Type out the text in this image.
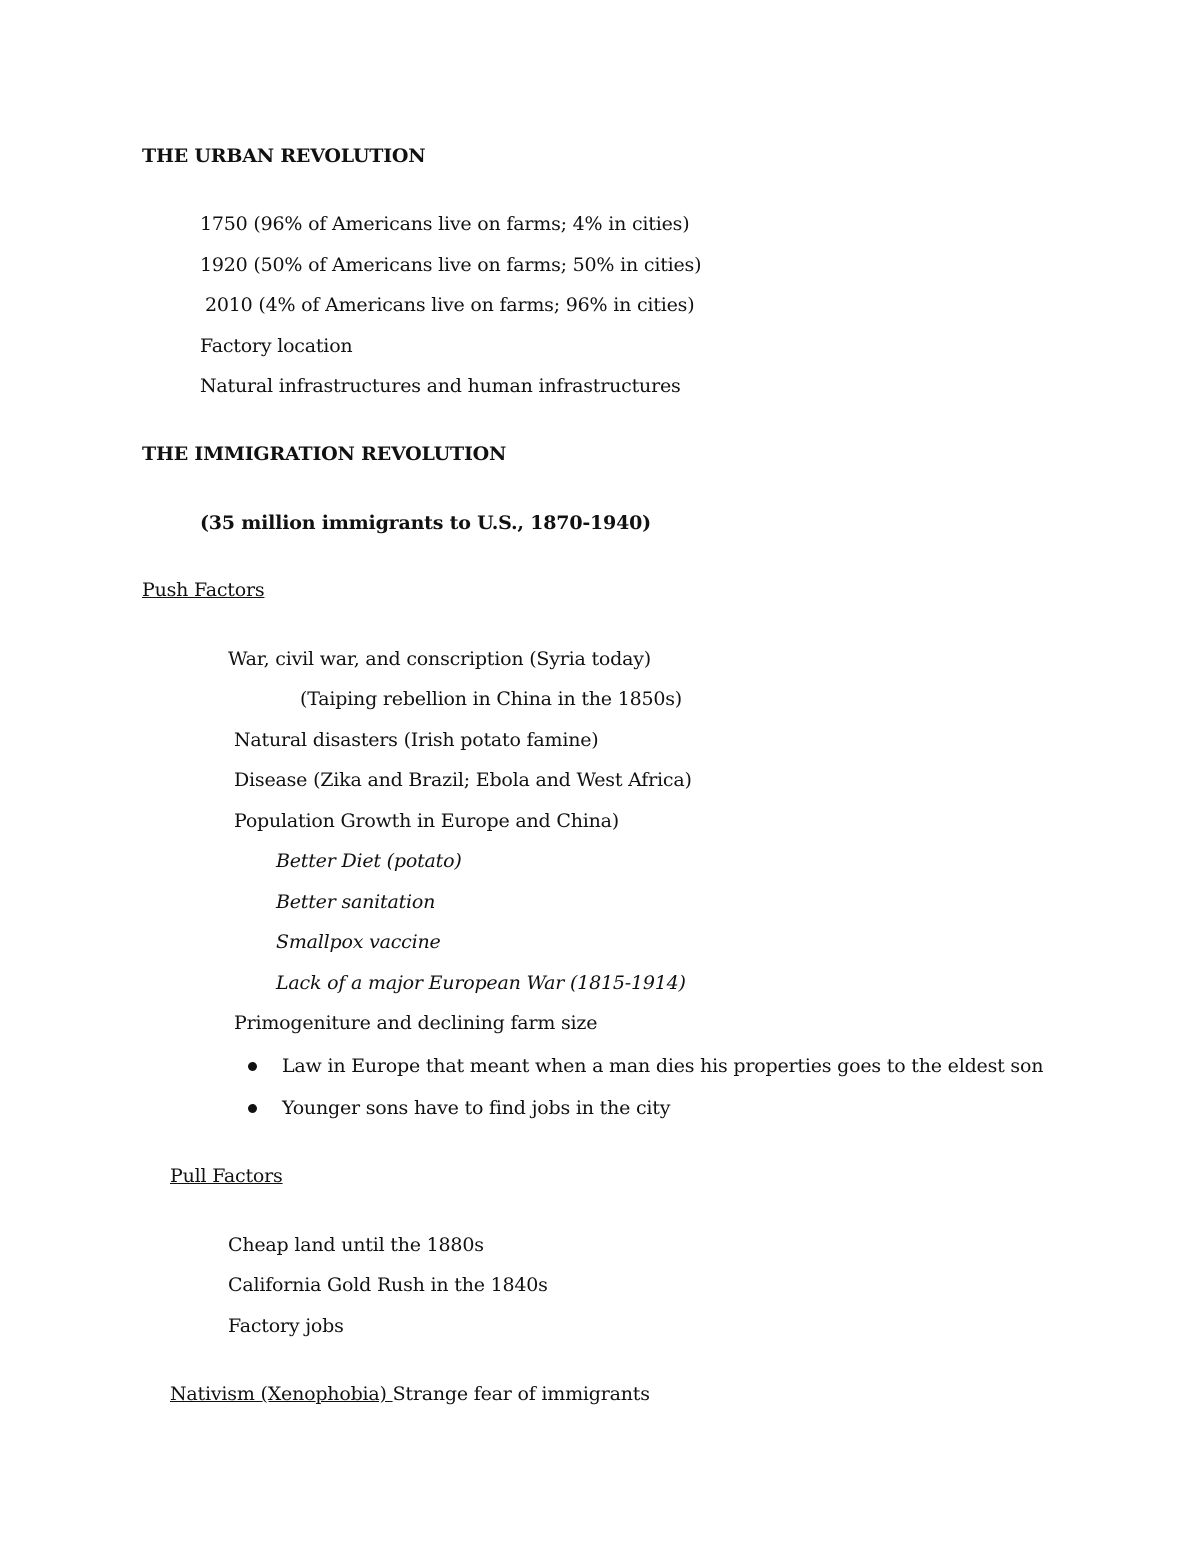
THE URBAN REVOLUTION
1750 (96% of Americans live on farms; 4% in cities)
1920 (50% of Americans live on farms; 50% in cities)
2010 (4% of Americans live on farms; 96% in cities)
Factory location
Natural infrastructures and human infrastructures
THE IMMIGRATION REVOLUTION
(35 million immigrants to U.S., 1870-1940)
Push Factors
War, civil war, and conscription (Syria today)
(Taiping rebellion in China in the 1850s)
Natural disasters (Irish potato famine)
Disease (Zika and Brazil; Ebola and West Africa)
Population Growth in Europe and China)
Better Diet (potato)
Better sanitation
Smallpox vaccine
Lack of a major European War (1815-1914)
Primogeniture and declining farm size
Law in Europe that meant when a man dies his properties goes to the eldest son
Younger sons have to find jobs in the city
Pull Factors
Cheap land until the 1880s
California Gold Rush in the 1840s
Factory jobs
Nativism (Xenophobia) Strange fear of immigrants
